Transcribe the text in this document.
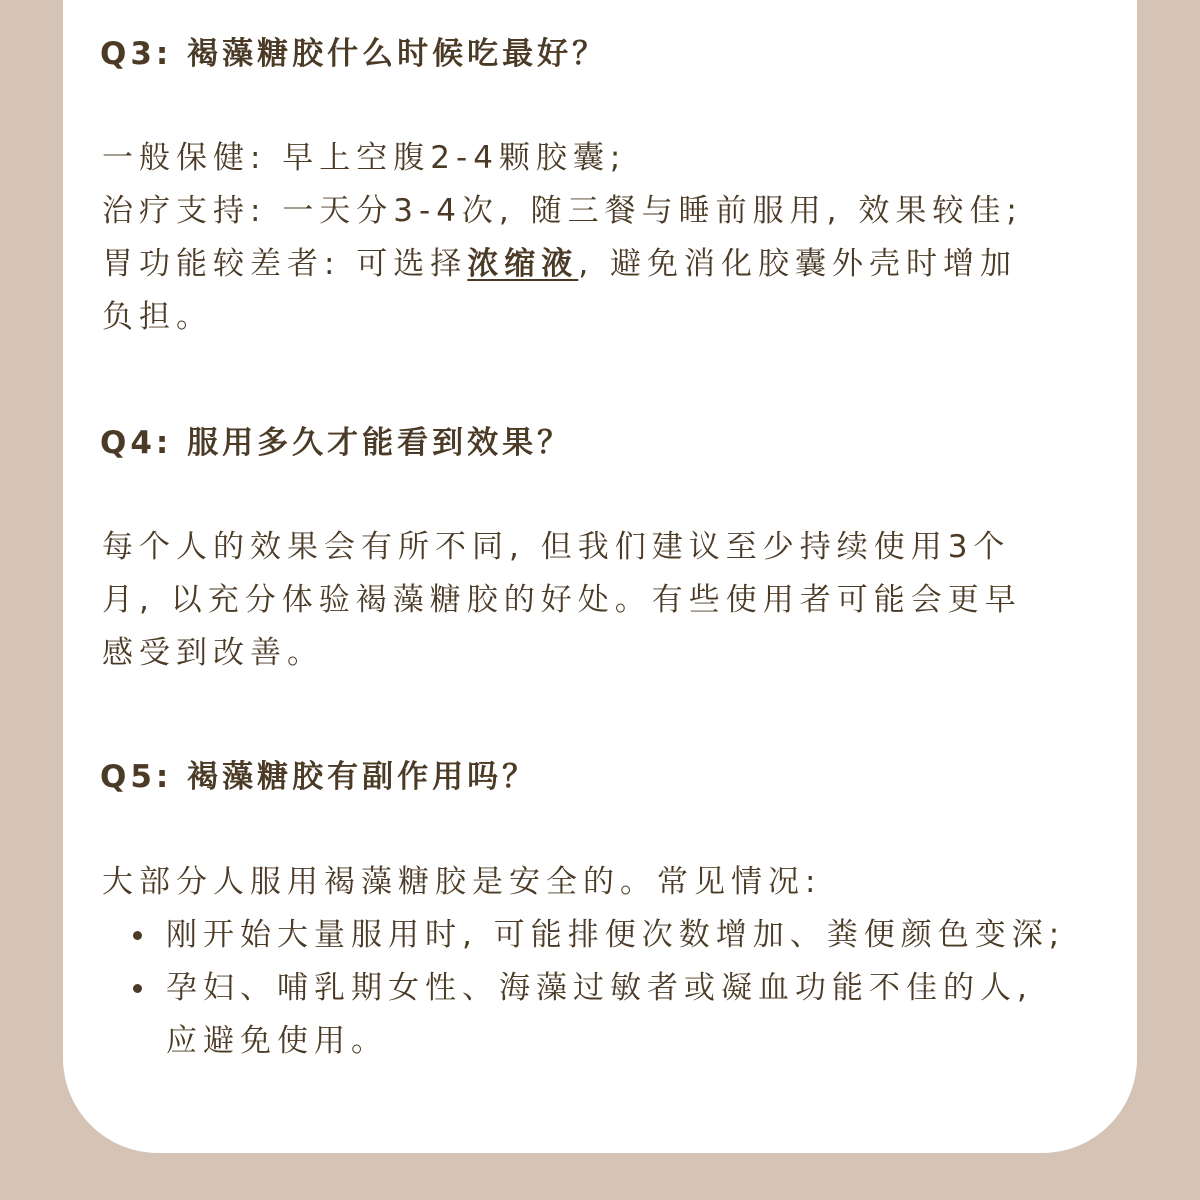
Q3: 褐藻糖胶什么时候吃最好？
一般保健: 早上空腹2-4颗胶囊;
治疗支持: 一天分3-4次, 随三餐与睡前服用, 效果较佳;
胃功能较差者: 可选择浓缩液, 避免消化胶囊外壳时增加
负担。
Q4: 服用多久才能看到效果？
每个人的效果会有所不同, 但我们建议至少持续使用3个
月, 以充分体验褐藻糖胶的好处。有些使用者可能会更早
感受到改善。
Q5: 褐藻糖胶有副作用吗？
大部分人服用褐藻糖胶是安全的。常见情况:
刚开始大量服用时, 可能排便次数增加、粪便颜色变深;
孕妇、哺乳期女性、海藻过敏者或凝血功能不佳的人,
应避免使用。
